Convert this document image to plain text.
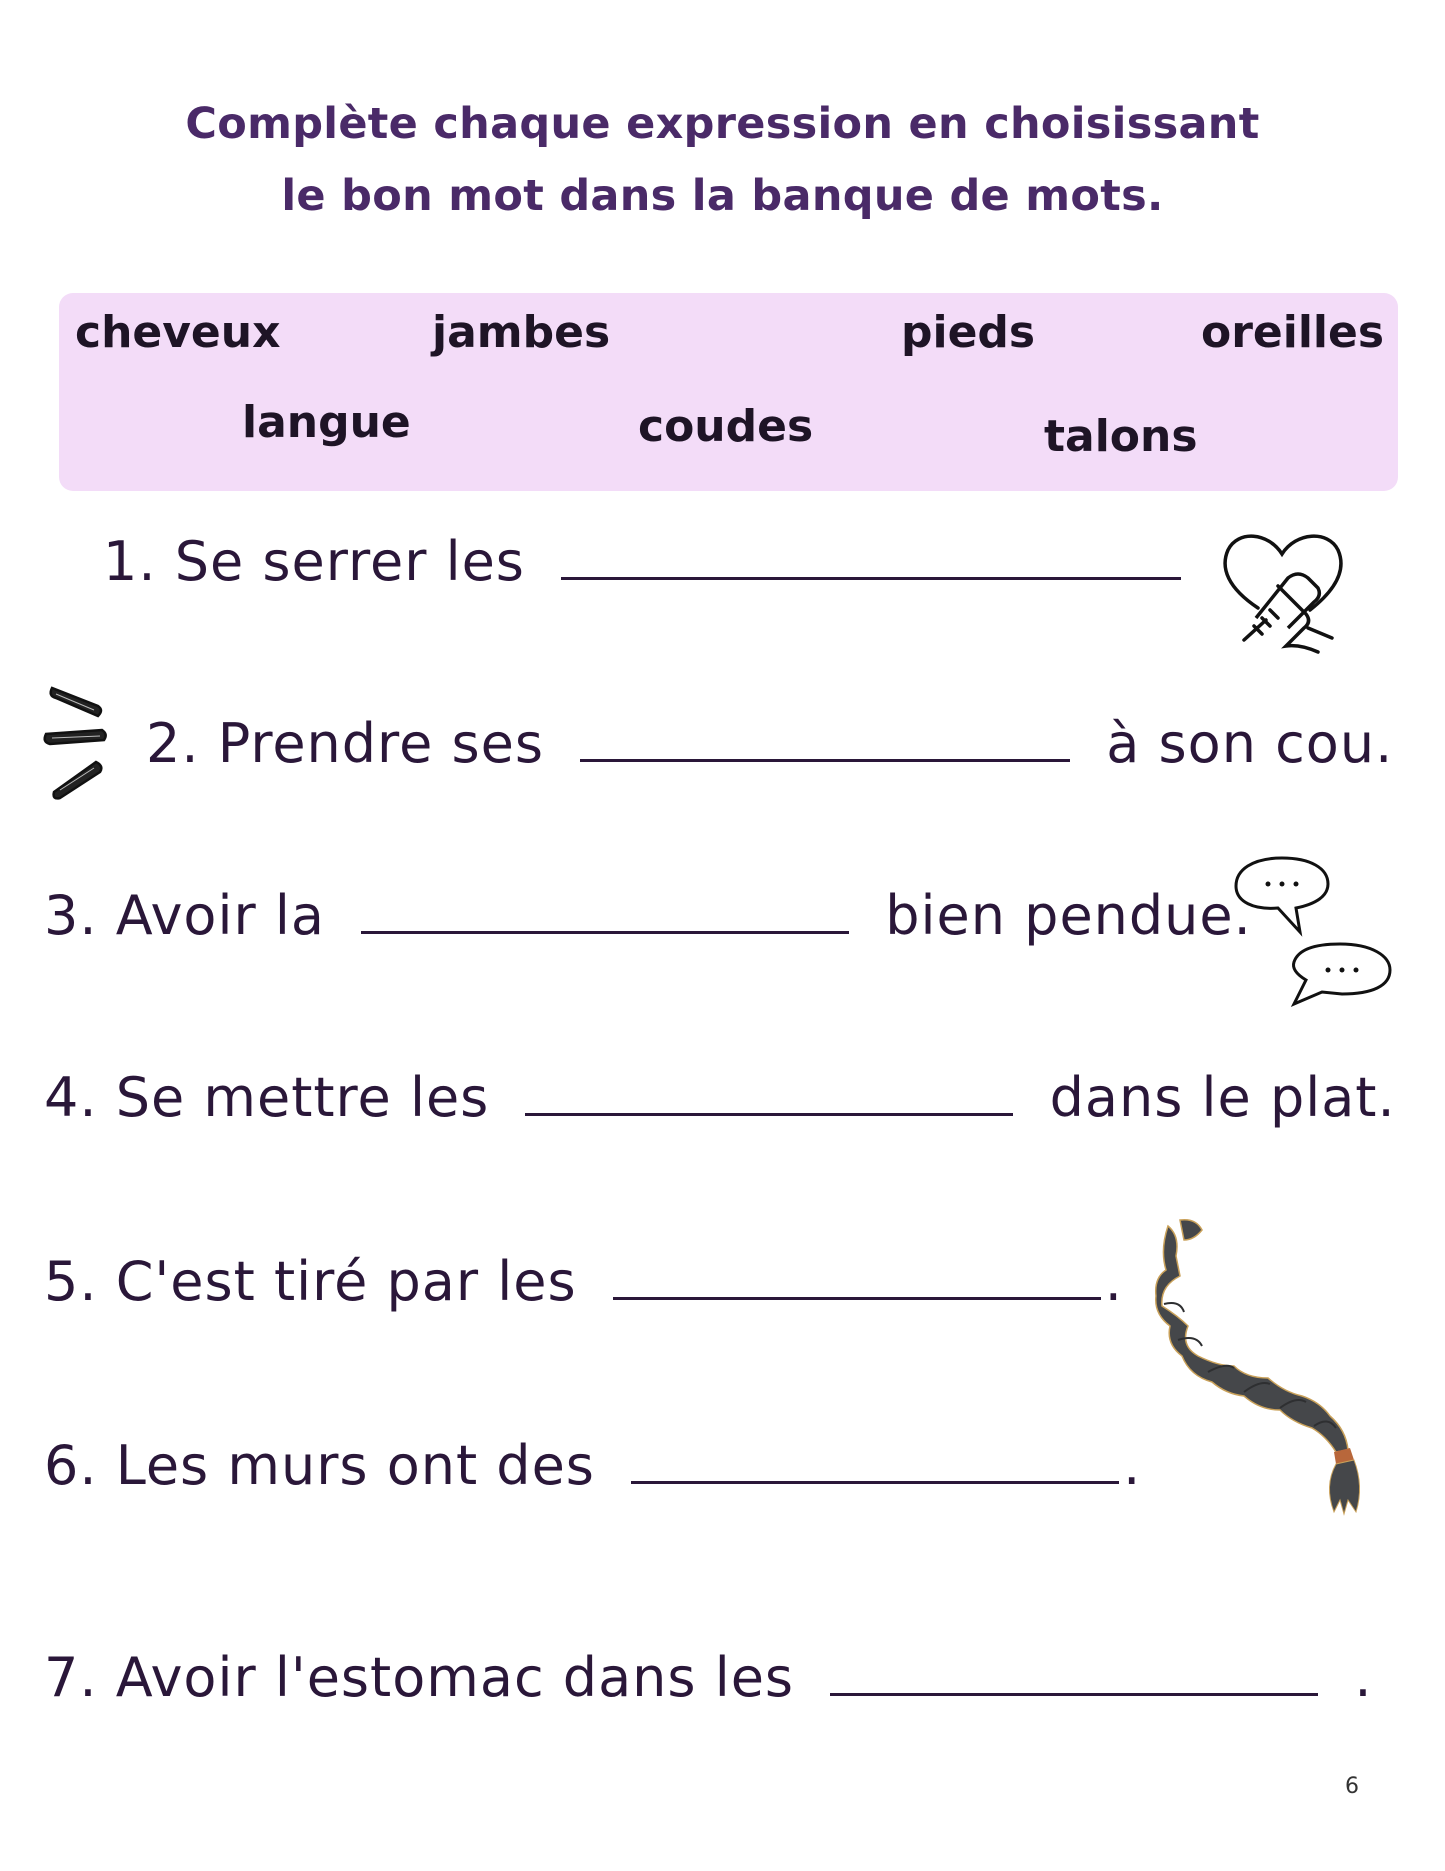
Complète chaque expression en choisissant
le bon mot dans la banque de mots.
cheveux	jambes	pieds	oreilles
langue	coudes	talons
1. Se serrer les
2. Prendre ses	à son cou.
3. Avoir la	bien pendue.
4. Se mettre les	dans le plat.
5. C'est tiré par les	.
6. Les murs ont des	.
7. Avoir l'estomac dans les	.
6
